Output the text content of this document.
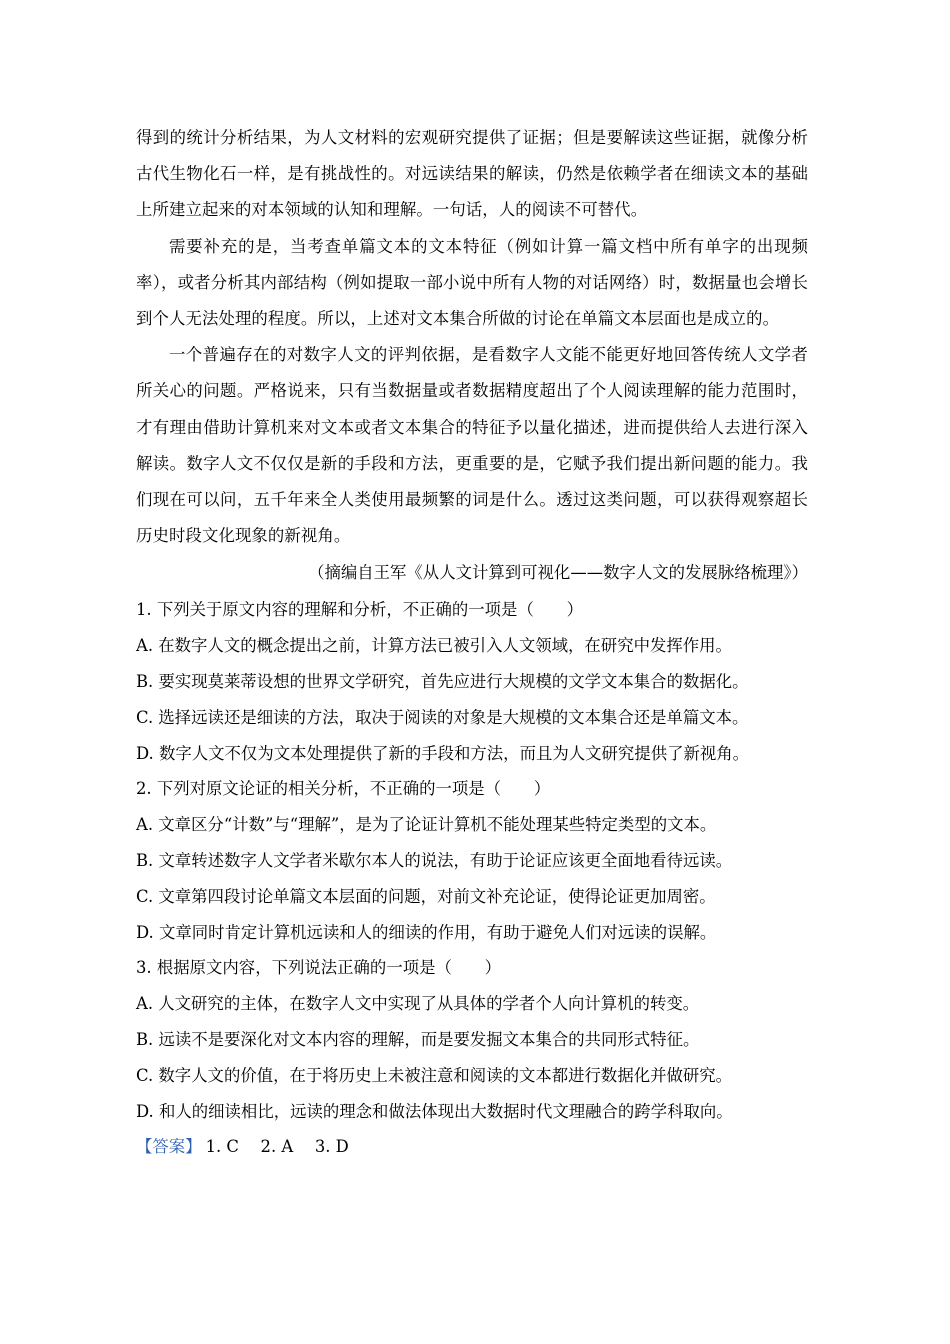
得到的统计分析结果，为人文材料的宏观研究提供了证据；但是要解读这些证据，就像分析古代生物化石一样，是有挑战性的。对远读结果的解读，仍然是依赖学者在细读文本的基础上所建立起来的对本领域的认知和理解。一句话，人的阅读不可替代。

需要补充的是，当考查单篇文本的文本特征（例如计算一篇文档中所有单字的出现频率），或者分析其内部结构（例如提取一部小说中所有人物的对话网络）时，数据量也会增长到个人无法处理的程度。所以，上述对文本集合所做的讨论在单篇文本层面也是成立的。

一个普遍存在的对数字人文的评判依据，是看数字人文能不能更好地回答传统人文学者所关心的问题。严格说来，只有当数据量或者数据精度超出了个人阅读理解的能力范围时，才有理由借助计算机来对文本或者文本集合的特征予以量化描述，进而提供给人去进行深入解读。数字人文不仅仅是新的手段和方法，更重要的是，它赋予我们提出新问题的能力。我们现在可以问，五千年来全人类使用最频繁的词是什么。透过这类问题，可以获得观察超长历史时段文化现象的新视角。

（摘编自王军《从人文计算到可视化——数字人文的发展脉络梳理》）

1. 下列关于原文内容的理解和分析，不正确的一项是（　　）

A. 在数字人文的概念提出之前，计算方法已被引入人文领域，在研究中发挥作用。

B. 要实现莫莱蒂设想的世界文学研究，首先应进行大规模的文学文本集合的数据化。

C. 选择远读还是细读的方法，取决于阅读的对象是大规模的文本集合还是单篇文本。

D. 数字人文不仅为文本处理提供了新的手段和方法，而且为人文研究提供了新视角。

2. 下列对原文论证的相关分析，不正确的一项是（　　）

A. 文章区分“计数”与“理解”，是为了论证计算机不能处理某些特定类型的文本。

B. 文章转述数字人文学者米歇尔本人的说法，有助于论证应该更全面地看待远读。

C. 文章第四段讨论单篇文本层面的问题，对前文补充论证，使得论证更加周密。

D. 文章同时肯定计算机远读和人的细读的作用，有助于避免人们对远读的误解。

3. 根据原文内容，下列说法正确的一项是（　　）

A. 人文研究的主体，在数字人文中实现了从具体的学者个人向计算机的转变。

B. 远读不是要深化对文本内容的理解，而是要发掘文本集合的共同形式特征。

C. 数字人文的价值，在于将历史上未被注意和阅读的文本都进行数据化并做研究。

D. 和人的细读相比，远读的理念和做法体现出大数据时代文理融合的跨学科取向。

【答案】 1. C　 2. A　 3. D
